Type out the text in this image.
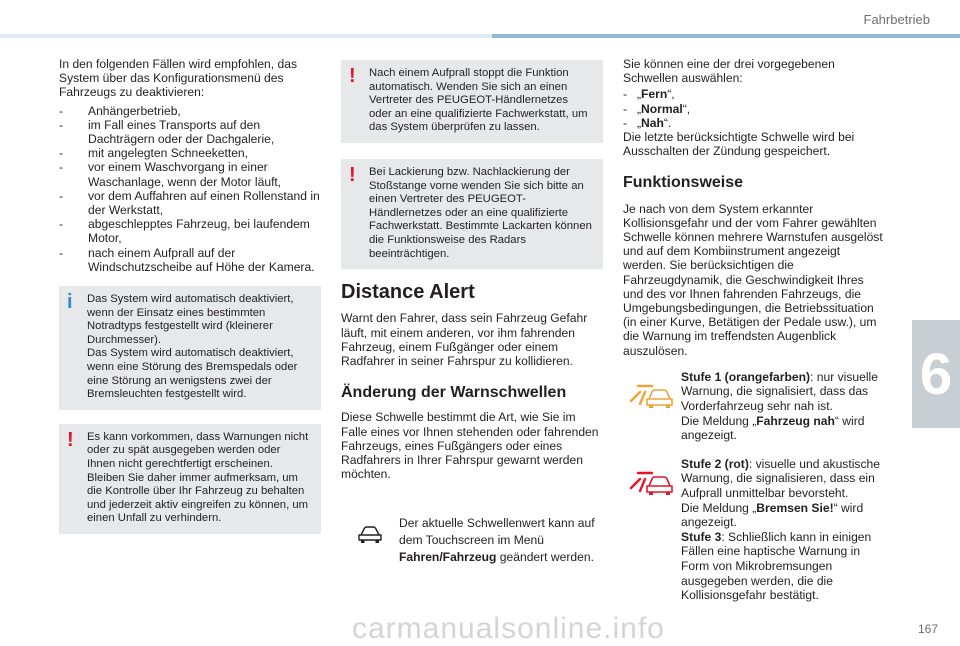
Fahrbetrieb
6

In den folgenden Fällen wird empfohlen, das System über das Konfigurationsmenü des Fahrzeugs zu deaktivieren:

- Anhängerbetrieb,
- im Fall eines Transports auf den Dachträgern oder der Dachgalerie,
- mit angelegten Schneeketten,
- vor einem Waschvorgang in einer Waschanlage, wenn der Motor läuft,
- vor dem Auffahren auf einen Rollenstand in der Werkstatt,
- abgeschlepptes Fahrzeug, bei laufendem Motor,
- nach einem Aufprall auf der Windschutzscheibe auf Höhe der Kamera.
i Das System wird automatisch deaktiviert, wenn der Einsatz eines bestimmten Notradtyps festgestellt wird (kleinerer Durchmesser).

Das System wird automatisch deaktiviert, wenn eine Störung des Bremspedals oder eine Störung an wenigstens zwei der Bremsleuchten festgestellt wird.

! Es kann vorkommen, dass Warnungen nicht oder zu spät ausgegeben werden oder Ihnen nicht gerechtfertigt erscheinen. Bleiben Sie daher immer aufmerksam, um die Kontrolle über Ihr Fahrzeug zu behalten und jederzeit aktiv eingreifen zu können, um einen Unfall zu verhindern.

! Nach einem Aufprall stoppt die Funktion automatisch. Wenden Sie sich an einen Vertreter des PEUGEOT-Händlernetzes oder an eine qualifizierte Fachwerkstatt, um das System überprüfen zu lassen.

! Bei Lackierung bzw. Nachlackierung der Stoßstange vorne wenden Sie sich bitte an einen Vertreter des PEUGEOT-Händlernetzes oder an eine qualifizierte Fachwerkstatt. Bestimmte Lackarten können die Funktionsweise des Radars beeinträchtigen.

Distance Alert

Warnt den Fahrer, dass sein Fahrzeug Gefahr läuft, mit einem anderen, vor ihm fahrenden Fahrzeug, einem Fußgänger oder einem Radfahrer in seiner Fahrspur zu kollidieren.

Änderung der Warnschwellen

Diese Schwelle bestimmt die Art, wie Sie im Falle eines vor Ihnen stehenden oder fahrenden Fahrzeugs, eines Fußgängers oder eines Radfahrers in Ihrer Fahrspur gewarnt werden möchten.

Der aktuelle Schwellenwert kann auf dem Touchscreen im Menü Fahren/Fahrzeug geändert werden.

Sie können eine der drei vorgegebenen Schwellen auswählen:

- „Fern“,
- „Normal“,
- „Nah“.

Die letzte berücksichtigte Schwelle wird bei Ausschalten der Zündung gespeichert.

Funktionsweise

Je nach von dem System erkannter Kollisionsgefahr und der vom Fahrer gewählten Schwelle können mehrere Warnstufen ausgelöst und auf dem Kombiinstrument angezeigt werden. Sie berücksichtigen die Fahrzeugdynamik, die Geschwindigkeit Ihres und des vor Ihnen fahrenden Fahrzeugs, die Umgebungsbedingungen, die Betriebssituation (in einer Kurve, Betätigen der Pedale usw.), um die Warnung im treffendsten Augenblick auszulösen.

Stufe 1 (orangefarben): nur visuelle Warnung, die signalisiert, dass das Vorderfahrzeug sehr nah ist.
Die Meldung „Fahrzeug nah“ wird angezeigt.
Stufe 2 (rot): visuelle und akustische Warnung, die signalisieren, dass ein Aufprall unmittelbar bevorsteht.
Die Meldung „Bremsen Sie!“ wird angezeigt.
Stufe 3: Schließlich kann in einigen Fällen eine haptische Warnung in Form von Mikrobremsungen ausgegeben werden, die die Kollisionsgefahr bestätigt.
167
carmanualsonline.info
